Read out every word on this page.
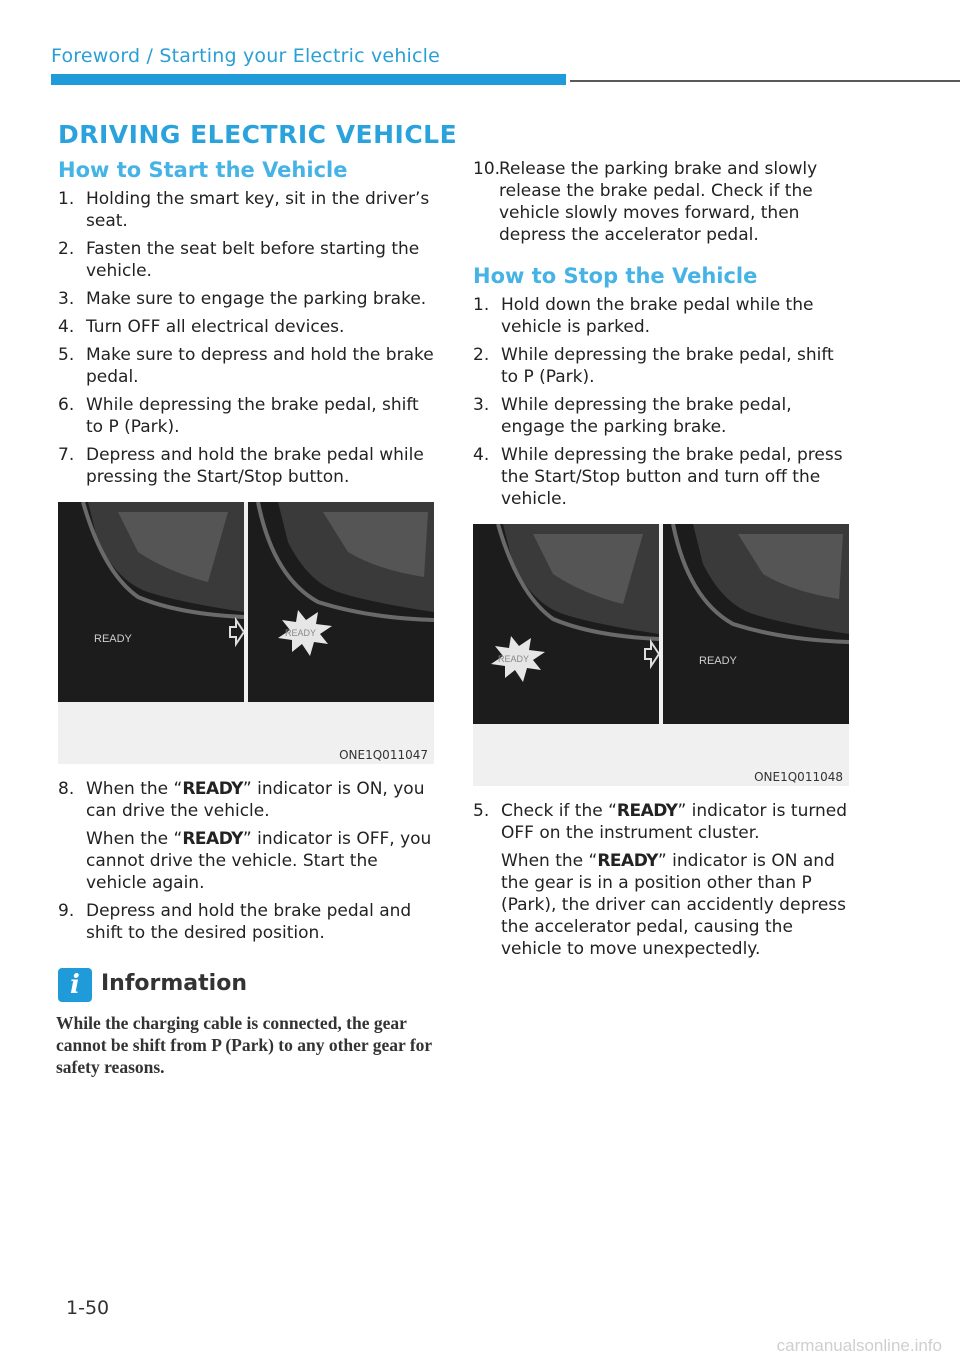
Foreword / Starting your Electric vehicle
DRIVING ELECTRIC VEHICLE
How to Start the Vehicle
1. Holding the smart key, sit in the driver’s seat.

2. Fasten the seat belt before starting the vehicle.

3. Make sure to engage the parking brake.

4. Turn OFF all electrical devices.

5. Make sure to depress and hold the brake pedal.

6. While depressing the brake pedal, shift to P (Park).

7. Depress and hold the brake pedal while pressing the Start/Stop button.

READY	READY
ONE1Q011047
8. When the “READY” indicator is ON, you can drive the vehicle.

When the “READY” indicator is OFF, you cannot drive the vehicle. Start the vehicle again.

9. Depress and hold the brake pedal and shift to the desired position.

i Information

While the charging cable is connected, the gear cannot be shift from P (Park) to any other gear for safety reasons.

10.

Release the parking brake and slowly release the brake pedal. Check if the vehicle slowly moves forward, then depress the accelerator pedal.

How to Stop the Vehicle
1. Hold down the brake pedal while the vehicle is parked.

2. While depressing the brake pedal, shift to P (Park).

3. While depressing the brake pedal, engage the parking brake.

4. While depressing the brake pedal, press the Start/Stop button and turn off the vehicle.

READY	READY
ONE1Q011048
5. Check if the “READY” indicator is turned OFF on the instrument cluster.

When the “READY” indicator is ON and the gear is in a position other than P (Park), the driver can accidently depress the accelerator pedal, causing the vehicle to move unexpectedly.

1-50
carmanualsonline.info
